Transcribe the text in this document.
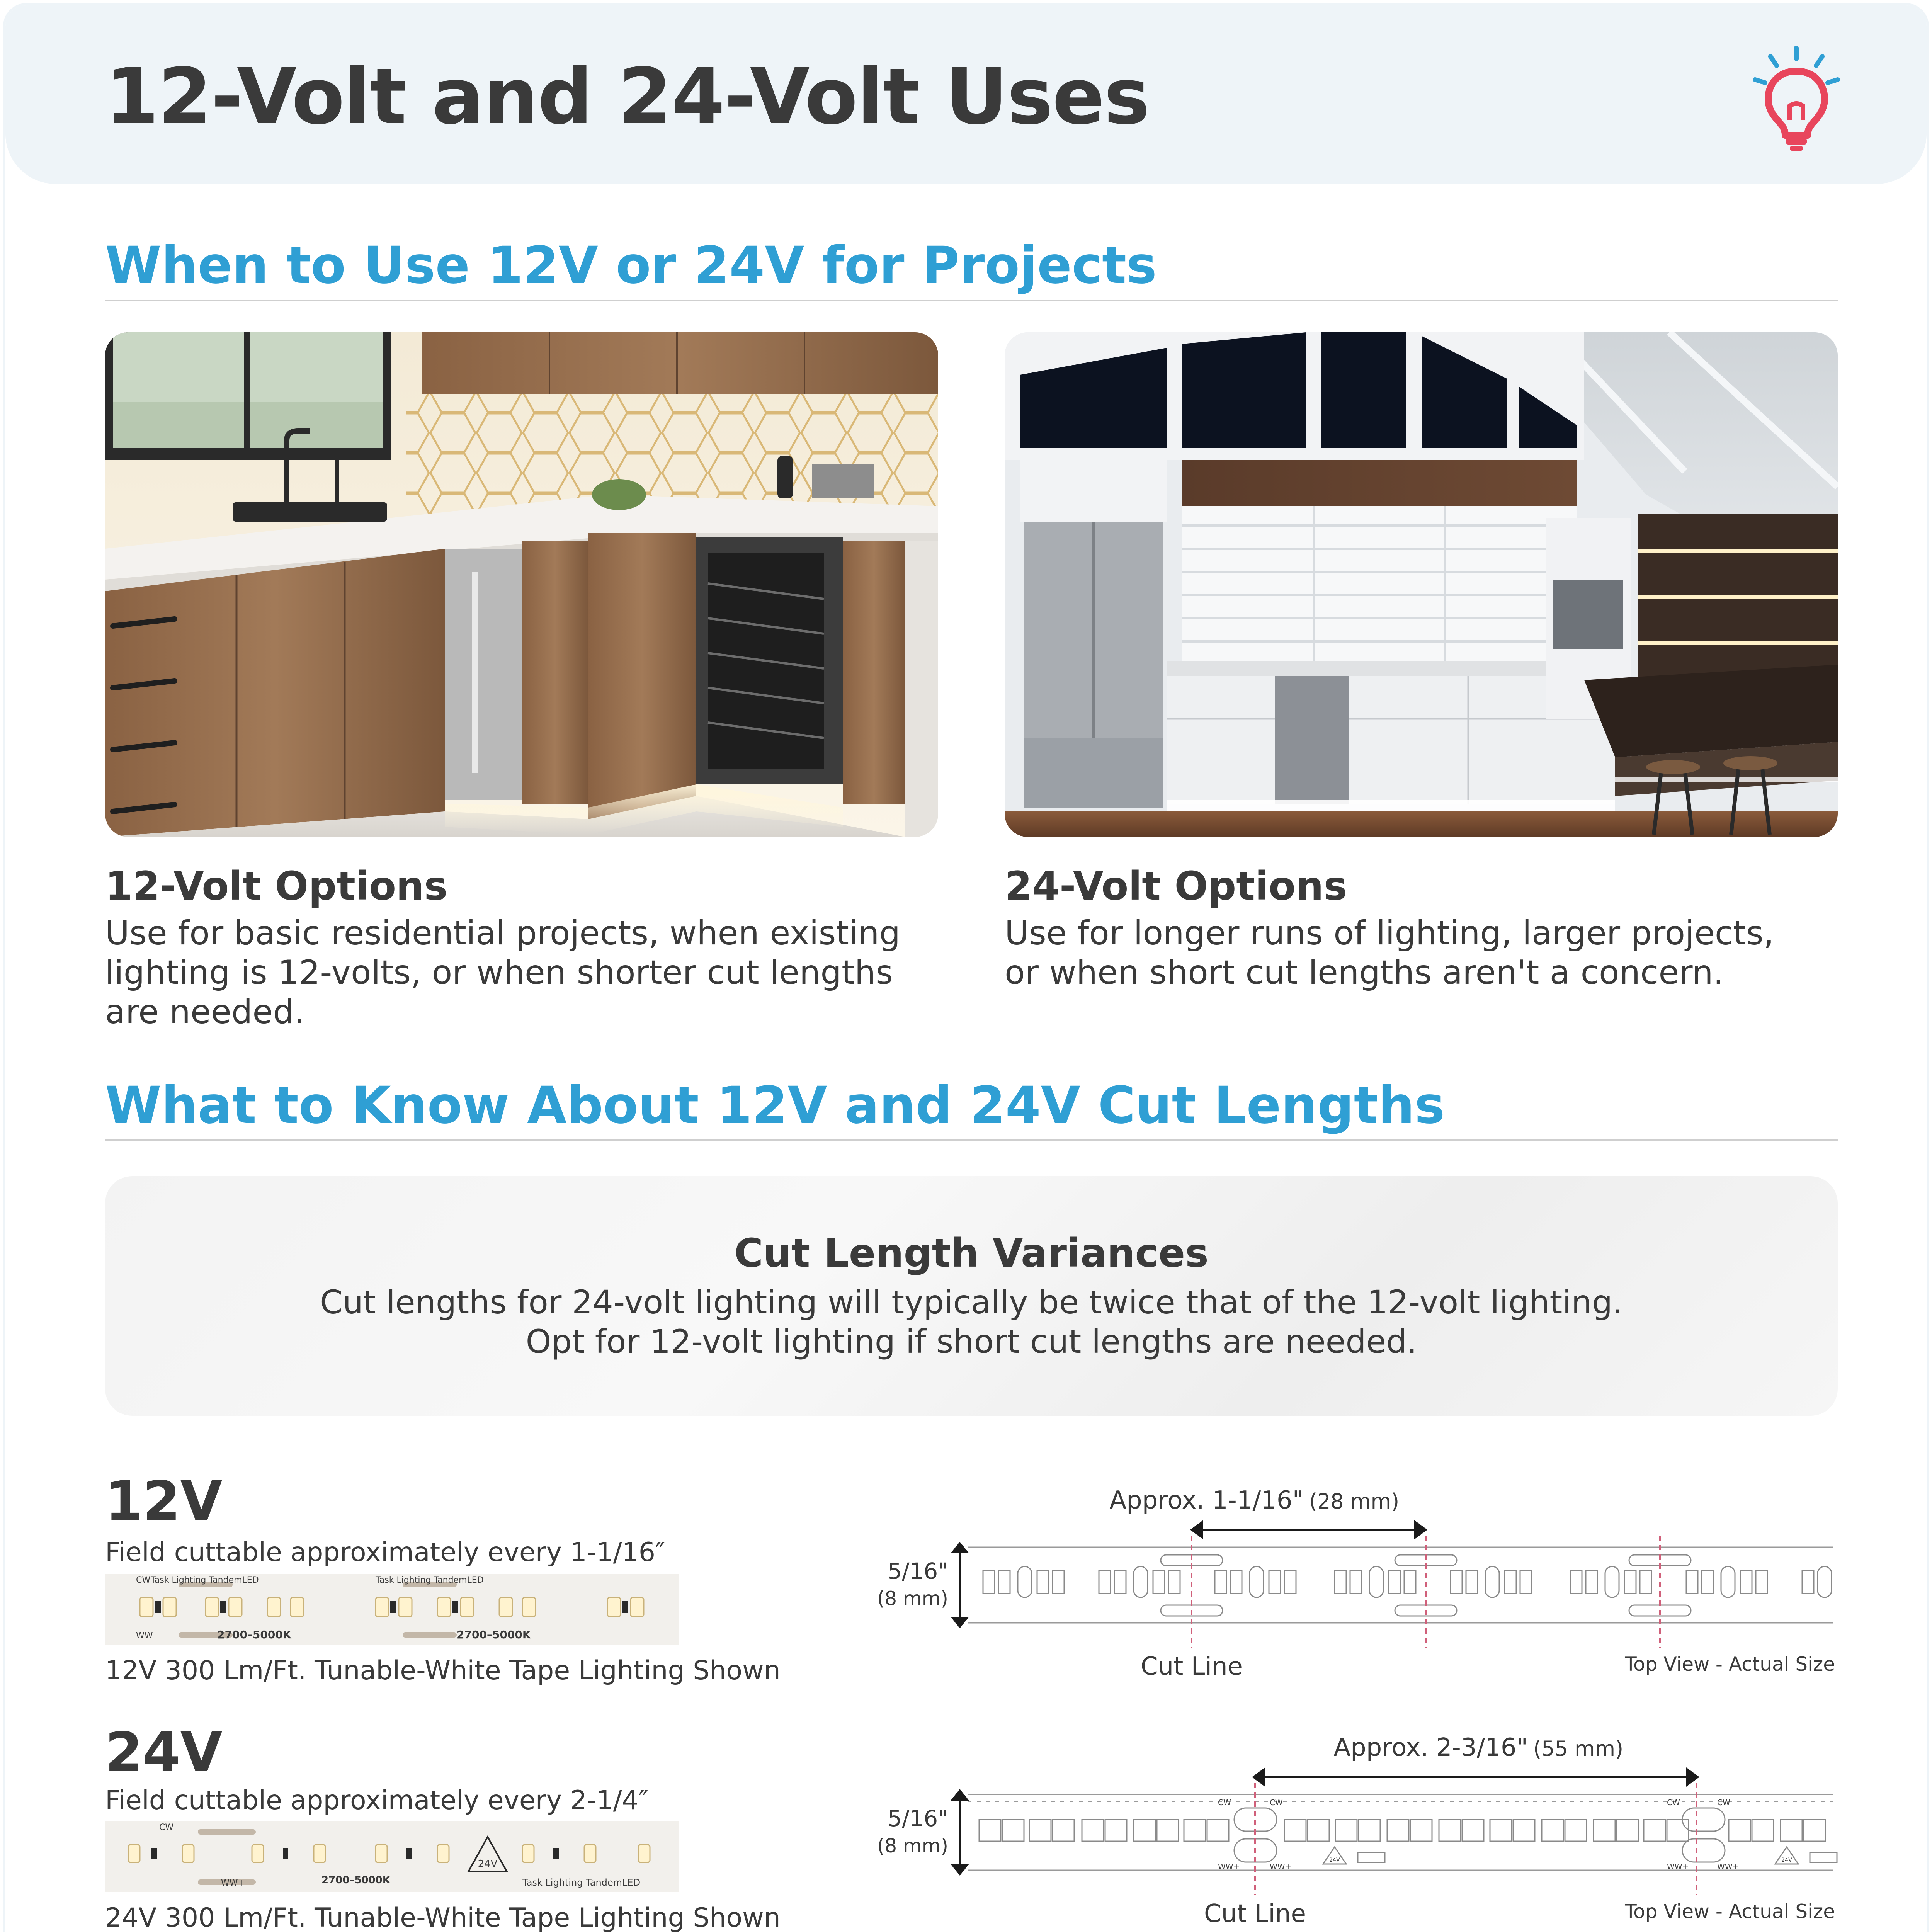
12-Volt and 24-Volt Uses
When to Use 12V or 24V for Projects
12-Volt Options
Use for basic residential projects, when existing lighting is 12-volts, or when shorter cut lengths are needed.
24-Volt Options
Use for longer runs of lighting, larger projects, or when short cut lengths aren't a concern.
What to Know About 12V and 24V Cut Lengths
Cut Length Variances
Cut lengths for 24-volt lighting will typically be twice that of the 12-volt lighting.
Opt for 12-volt lighting if short cut lengths are needed.
12V
Field cuttable approximately every 1-1/16″
CW Task Lighting TandemLED
WW	2700–5000K
Task Lighting TandemLED
2700–5000K
12V 300 Lm/Ft. Tunable-White Tape Lighting Shown
Approx. 1-1/16" (28 mm)
5/16"
(8 mm)
Cut Line	Top View - Actual Size
24V
Field cuttable approximately every 2-1/4″
24V
CW
2700–5000K
WW+	Task Lighting TandemLED
24V 300 Lm/Ft. Tunable-White Tape Lighting Shown
Approx. 2-3/16" (55 mm)
5/16"
(8 mm)
24V	24V
CW-	CW-
WW+	WW+
CW-	CW-
WW+	WW+
Cut Line	Top View - Actual Size
